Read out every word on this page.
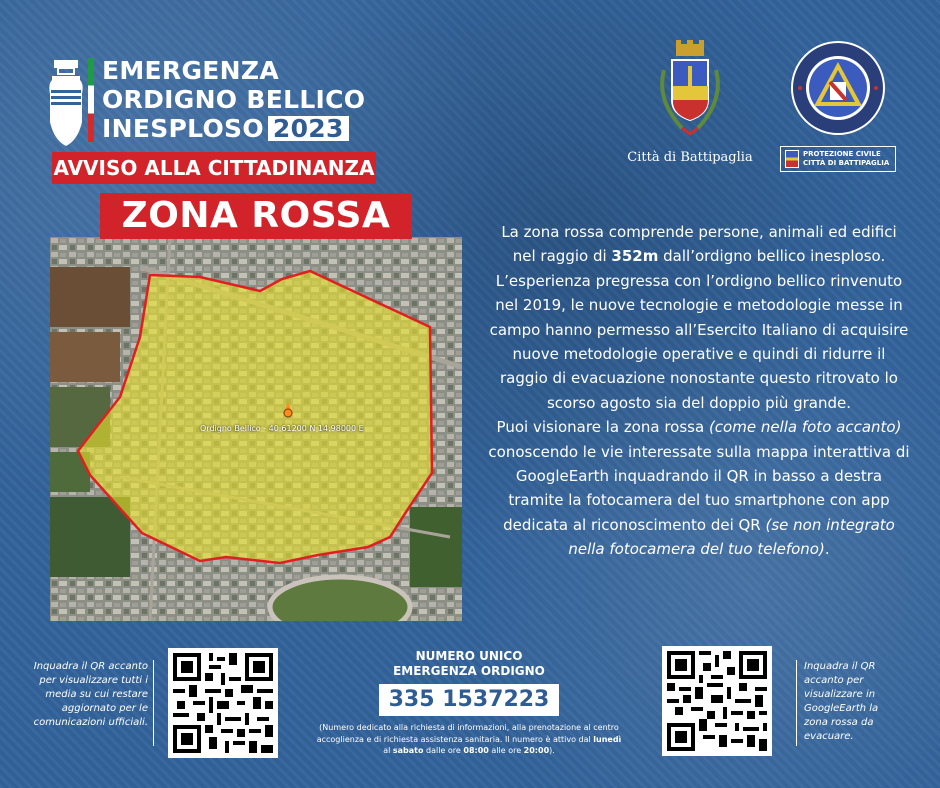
EMERGENZA
ORDIGNO BELLICO
INESPLOSO 2023
AVVISO ALLA CITTADINANZA
Ordigno Bellico - 40.61200 N 14.98000 E
ZONA ROSSA
Città di Battipaglia	PROTEZIONE CIVILE
CITTÀ DI BATTIPAGLIA
La zona rossa comprende persone, animali ed edifici nel raggio di 352m dall’ordigno bellico inesploso. L’esperienza pregressa con l’ordigno bellico rinvenuto nel 2019, le nuove tecnologie e metodologie messe in campo hanno permesso all’Esercito Italiano di acquisire nuove metodologie operative e quindi di ridurre il raggio di evacuazione nonostante questo ritrovato lo scorso agosto sia del doppio più grande.
Puoi visionare la zona rossa (come nella foto accanto) conoscendo le vie interessate sulla mappa interattiva di GoogleEarth inquadrando il QR in basso a destra tramite la fotocamera del tuo smartphone con app dedicata al riconoscimento dei QR (se non integrato nella fotocamera del tuo telefono).
Inquadra il QR accanto per visualizzare tutti i media su cui restare aggiornato per le comunicazioni ufficiali.
NUMERO UNICO
EMERGENZA ORDIGNO
335 1537223
(Numero dedicato alla richiesta di informazioni, alla prenotazione al centro accoglienza e di richiesta assistenza sanitaria. Il numero è attivo dal lunedì al sabato dalle ore 08:00 alle ore 20:00).
Inquadra il QR accanto per visualizzare in GoogleEarth la zona rossa da evacuare.
